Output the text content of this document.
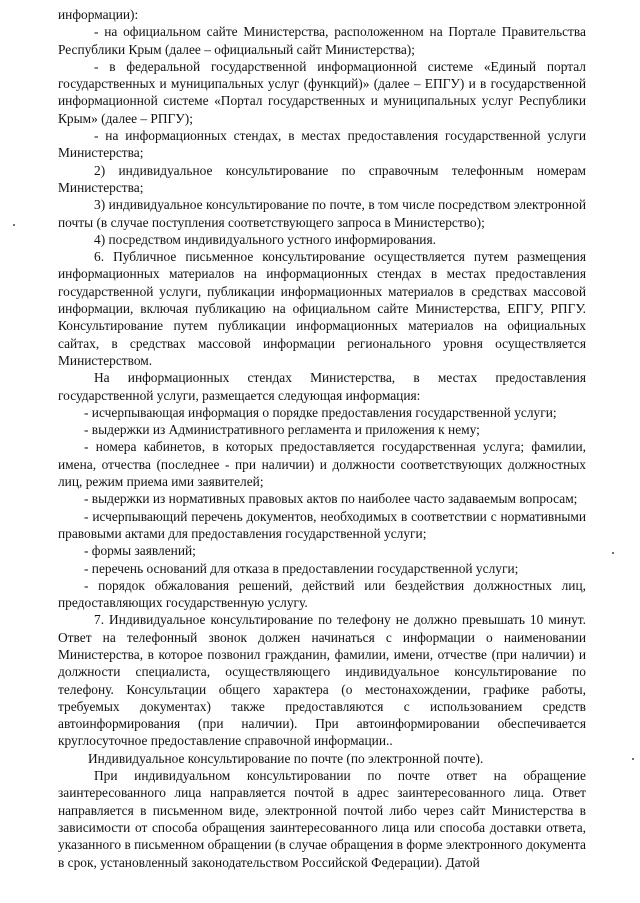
информации):

- на официальном сайте Министерства, расположенном на Портале Правительства Республики Крым (далее – официальный сайт Министерства);

- в федеральной государственной информационной системе «Единый портал государственных и муниципальных услуг (функций)» (далее – ЕПГУ) и в государственной информационной системе «Портал государственных и муниципальных услуг Республики Крым» (далее – РПГУ);

- на информационных стендах, в местах предоставления государственной услуги Министерства;

2) индивидуальное консультирование по справочным телефонным номерам Министерства;

3) индивидуальное консультирование по почте, в том числе посредством электронной почты (в случае поступления соответствующего запроса в Министерство);

4) посредством индивидуального устного информирования.

6. Публичное письменное консультирование осуществляется путем размещения информационных материалов на информационных стендах в местах предоставления государственной услуги, публикации информационных материалов в средствах массовой информации, включая публикацию на официальном сайте Министерства, ЕПГУ, РПГУ. Консультирование путем публикации информационных материалов на официальных сайтах, в средствах массовой информации регионального уровня осуществляется Министерством.

На информационных стендах Министерства, в местах предоставления государственной услуги, размещается следующая информация:

- исчерпывающая информация о порядке предоставления государственной услуги;

- выдержки из Административного регламента и приложения к нему;

- номера кабинетов, в которых предоставляется государственная услуга; фамилии, имена, отчества (последнее - при наличии) и должности соответствующих должностных лиц, режим приема ими заявителей;

- выдержки из нормативных правовых актов по наиболее часто задаваемым вопросам;

- исчерпывающий перечень документов, необходимых в соответствии с нормативными правовыми актами для предоставления государственной услуги;

- формы заявлений;

- перечень оснований для отказа в предоставлении государственной услуги;

- порядок обжалования решений, действий или бездействия должностных лиц, предоставляющих государственную услугу.

7. Индивидуальное консультирование по телефону не должно превышать 10 минут. Ответ на телефонный звонок должен начинаться с информации о наименовании Министерства, в которое позвонил гражданин, фамилии, имени, отчестве (при наличии) и должности специалиста, осуществляющего индивидуальное консультирование по телефону. Консультации общего характера (о местонахождении, графике работы, требуемых документах) также предоставляются с использованием средств автоинформирования (при наличии). При автоинформировании обеспечивается круглосуточное предоставление справочной информации..

Индивидуальное консультирование по почте (по электронной почте).

При индивидуальном консультировании по почте ответ на обращение заинтересованного лица направляется почтой в адрес заинтересованного лица. Ответ направляется в письменном виде, электронной почтой либо через сайт Министерства в зависимости от способа обращения заинтересованного лица или способа доставки ответа, указанного в письменном обращении (в случае обращения в форме электронного документа в срок, установленный законодательством Российской Федерации). Датой
